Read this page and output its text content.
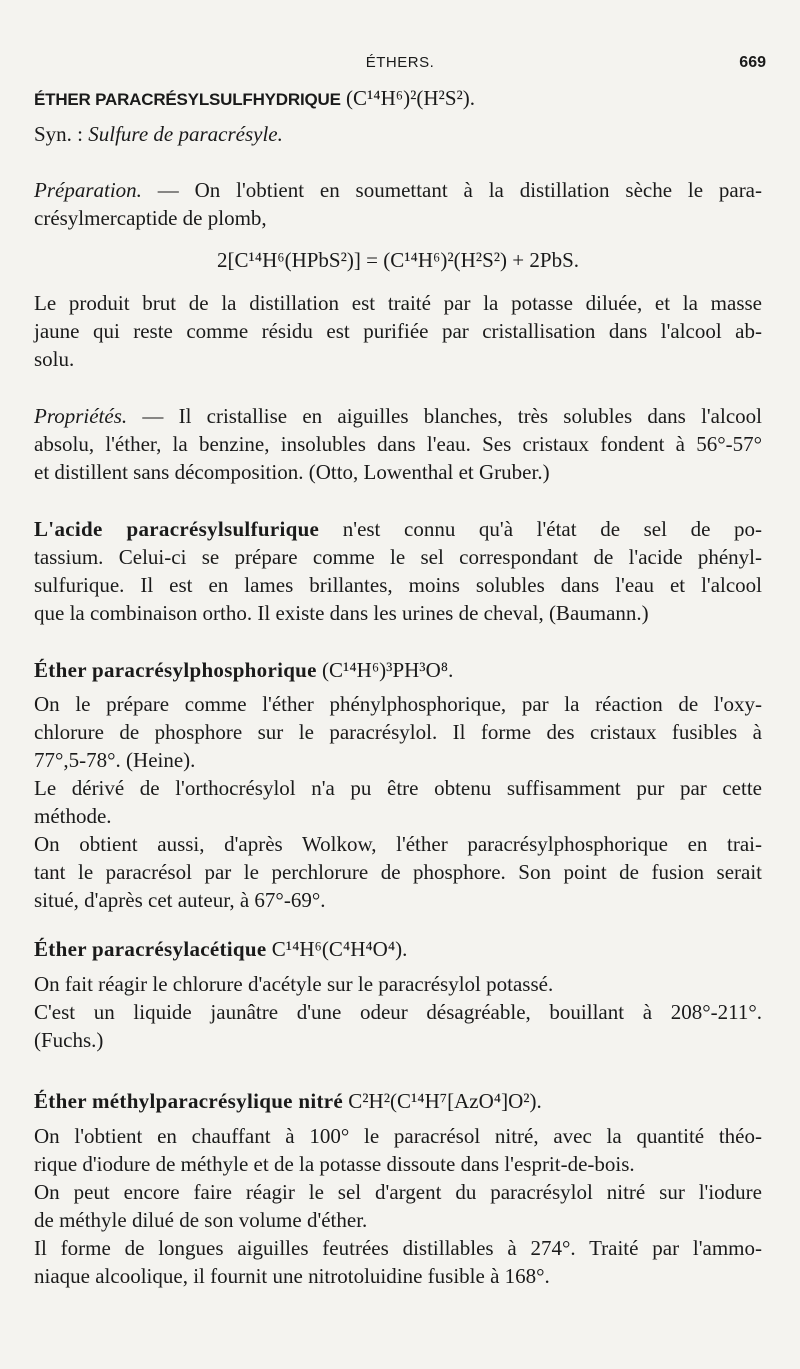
ÉTHERS.	669
ÉTHER PARACRÉSYLSULFHYDRIQUE (C¹⁴H⁶)²(H²S²).
Syn. : Sulfure de paracrésyle.
Préparation. — On l'obtient en soumettant à la distillation sèche le para-
crésylmercaptide de plomb,
2[C¹⁴H⁶(HPbS²)] = (C¹⁴H⁶)²(H²S²) + 2PbS.
Le produit brut de la distillation est traité par la potasse diluée, et la masse
jaune qui reste comme résidu est purifiée par cristallisation dans l'alcool ab-
solu.
Propriétés. — Il cristallise en aiguilles blanches, très solubles dans l'alcool
absolu, l'éther, la benzine, insolubles dans l'eau. Ses cristaux fondent à 56°-57°
et distillent sans décomposition. (Otto, Lowenthal et Gruber.)
L'acide paracrésylsulfurique n'est connu qu'à l'état de sel de po-
tassium. Celui-ci se prépare comme le sel correspondant de l'acide phényl-
sulfurique. Il est en lames brillantes, moins solubles dans l'eau et l'alcool
que la combinaison ortho. Il existe dans les urines de cheval, (Baumann.)
Éther paracrésylphosphorique (C¹⁴H⁶)³PH³O⁸.
On le prépare comme l'éther phénylphosphorique, par la réaction de l'oxy-
chlorure de phosphore sur le paracrésylol. Il forme des cristaux fusibles à
77°,5-78°. (Heine).
Le dérivé de l'orthocrésylol n'a pu être obtenu suffisamment pur par cette
méthode.
On obtient aussi, d'après Wolkow, l'éther paracrésylphosphorique en trai-
tant le paracrésol par le perchlorure de phosphore. Son point de fusion serait
situé, d'après cet auteur, à 67°-69°.
Éther paracrésylacétique C¹⁴H⁶(C⁴H⁴O⁴).
On fait réagir le chlorure d'acétyle sur le paracrésylol potassé.
C'est un liquide jaunâtre d'une odeur désagréable, bouillant à 208°-211°.
(Fuchs.)
Éther méthylparacrésylique nitré C²H²(C¹⁴H⁷[AzO⁴]O²).
On l'obtient en chauffant à 100° le paracrésol nitré, avec la quantité théo-
rique d'iodure de méthyle et de la potasse dissoute dans l'esprit-de-bois.
On peut encore faire réagir le sel d'argent du paracrésylol nitré sur l'iodure
de méthyle dilué de son volume d'éther.
Il forme de longues aiguilles feutrées distillables à 274°. Traité par l'ammo-
niaque alcoolique, il fournit une nitrotoluidine fusible à 168°.
